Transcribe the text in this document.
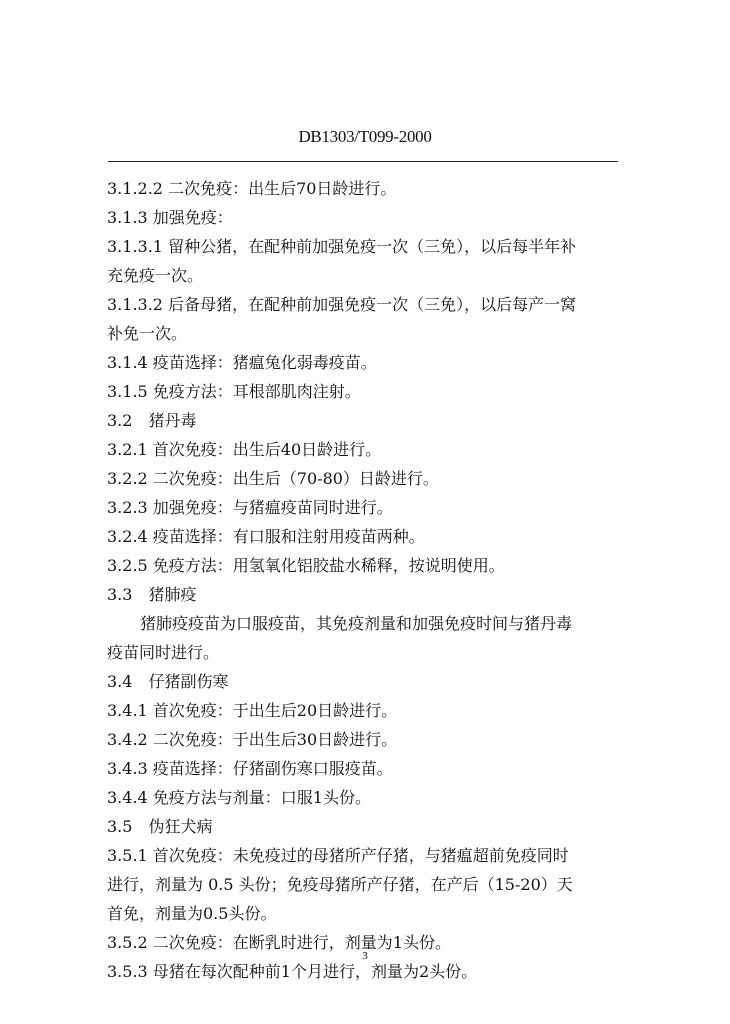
DB1303/T099-2000
3.1.2.2 二次免疫：出生后70日龄进行。
3.1.3 加强免疫：
3.1.3.1 留种公猪，在配种前加强免疫一次（三免），以后每半年补
充免疫一次。
3.1.3.2 后备母猪，在配种前加强免疫一次（三免），以后每产一窝
补免一次。
3.1.4 疫苗选择：猪瘟兔化弱毒疫苗。
3.1.5 免疫方法：耳根部肌肉注射。
3.2　猪丹毒
3.2.1 首次免疫：出生后40日龄进行。
3.2.2 二次免疫：出生后（70-80）日龄进行。
3.2.3 加强免疫：与猪瘟疫苗同时进行。
3.2.4 疫苗选择：有口服和注射用疫苗两种。
3.2.5 免疫方法：用氢氧化铝胶盐水稀释，按说明使用。
3.3　猪肺疫
猪肺疫疫苗为口服疫苗，其免疫剂量和加强免疫时间与猪丹毒
疫苗同时进行。
3.4　仔猪副伤寒
3.4.1 首次免疫：于出生后20日龄进行。
3.4.2 二次免疫：于出生后30日龄进行。
3.4.3 疫苗选择：仔猪副伤寒口服疫苗。
3.4.4 免疫方法与剂量：口服1头份。
3.5　伪狂犬病
3.5.1 首次免疫：未免疫过的母猪所产仔猪，与猪瘟超前免疫同时
进行，剂量为 0.5 头份；免疫母猪所产仔猪，在产后（15-20）天
首免，剂量为0.5头份。
3.5.2 二次免疫：在断乳时进行，剂量为1头份。
3.5.3 母猪在每次配种前1个月进行，剂量为2头份。
3
